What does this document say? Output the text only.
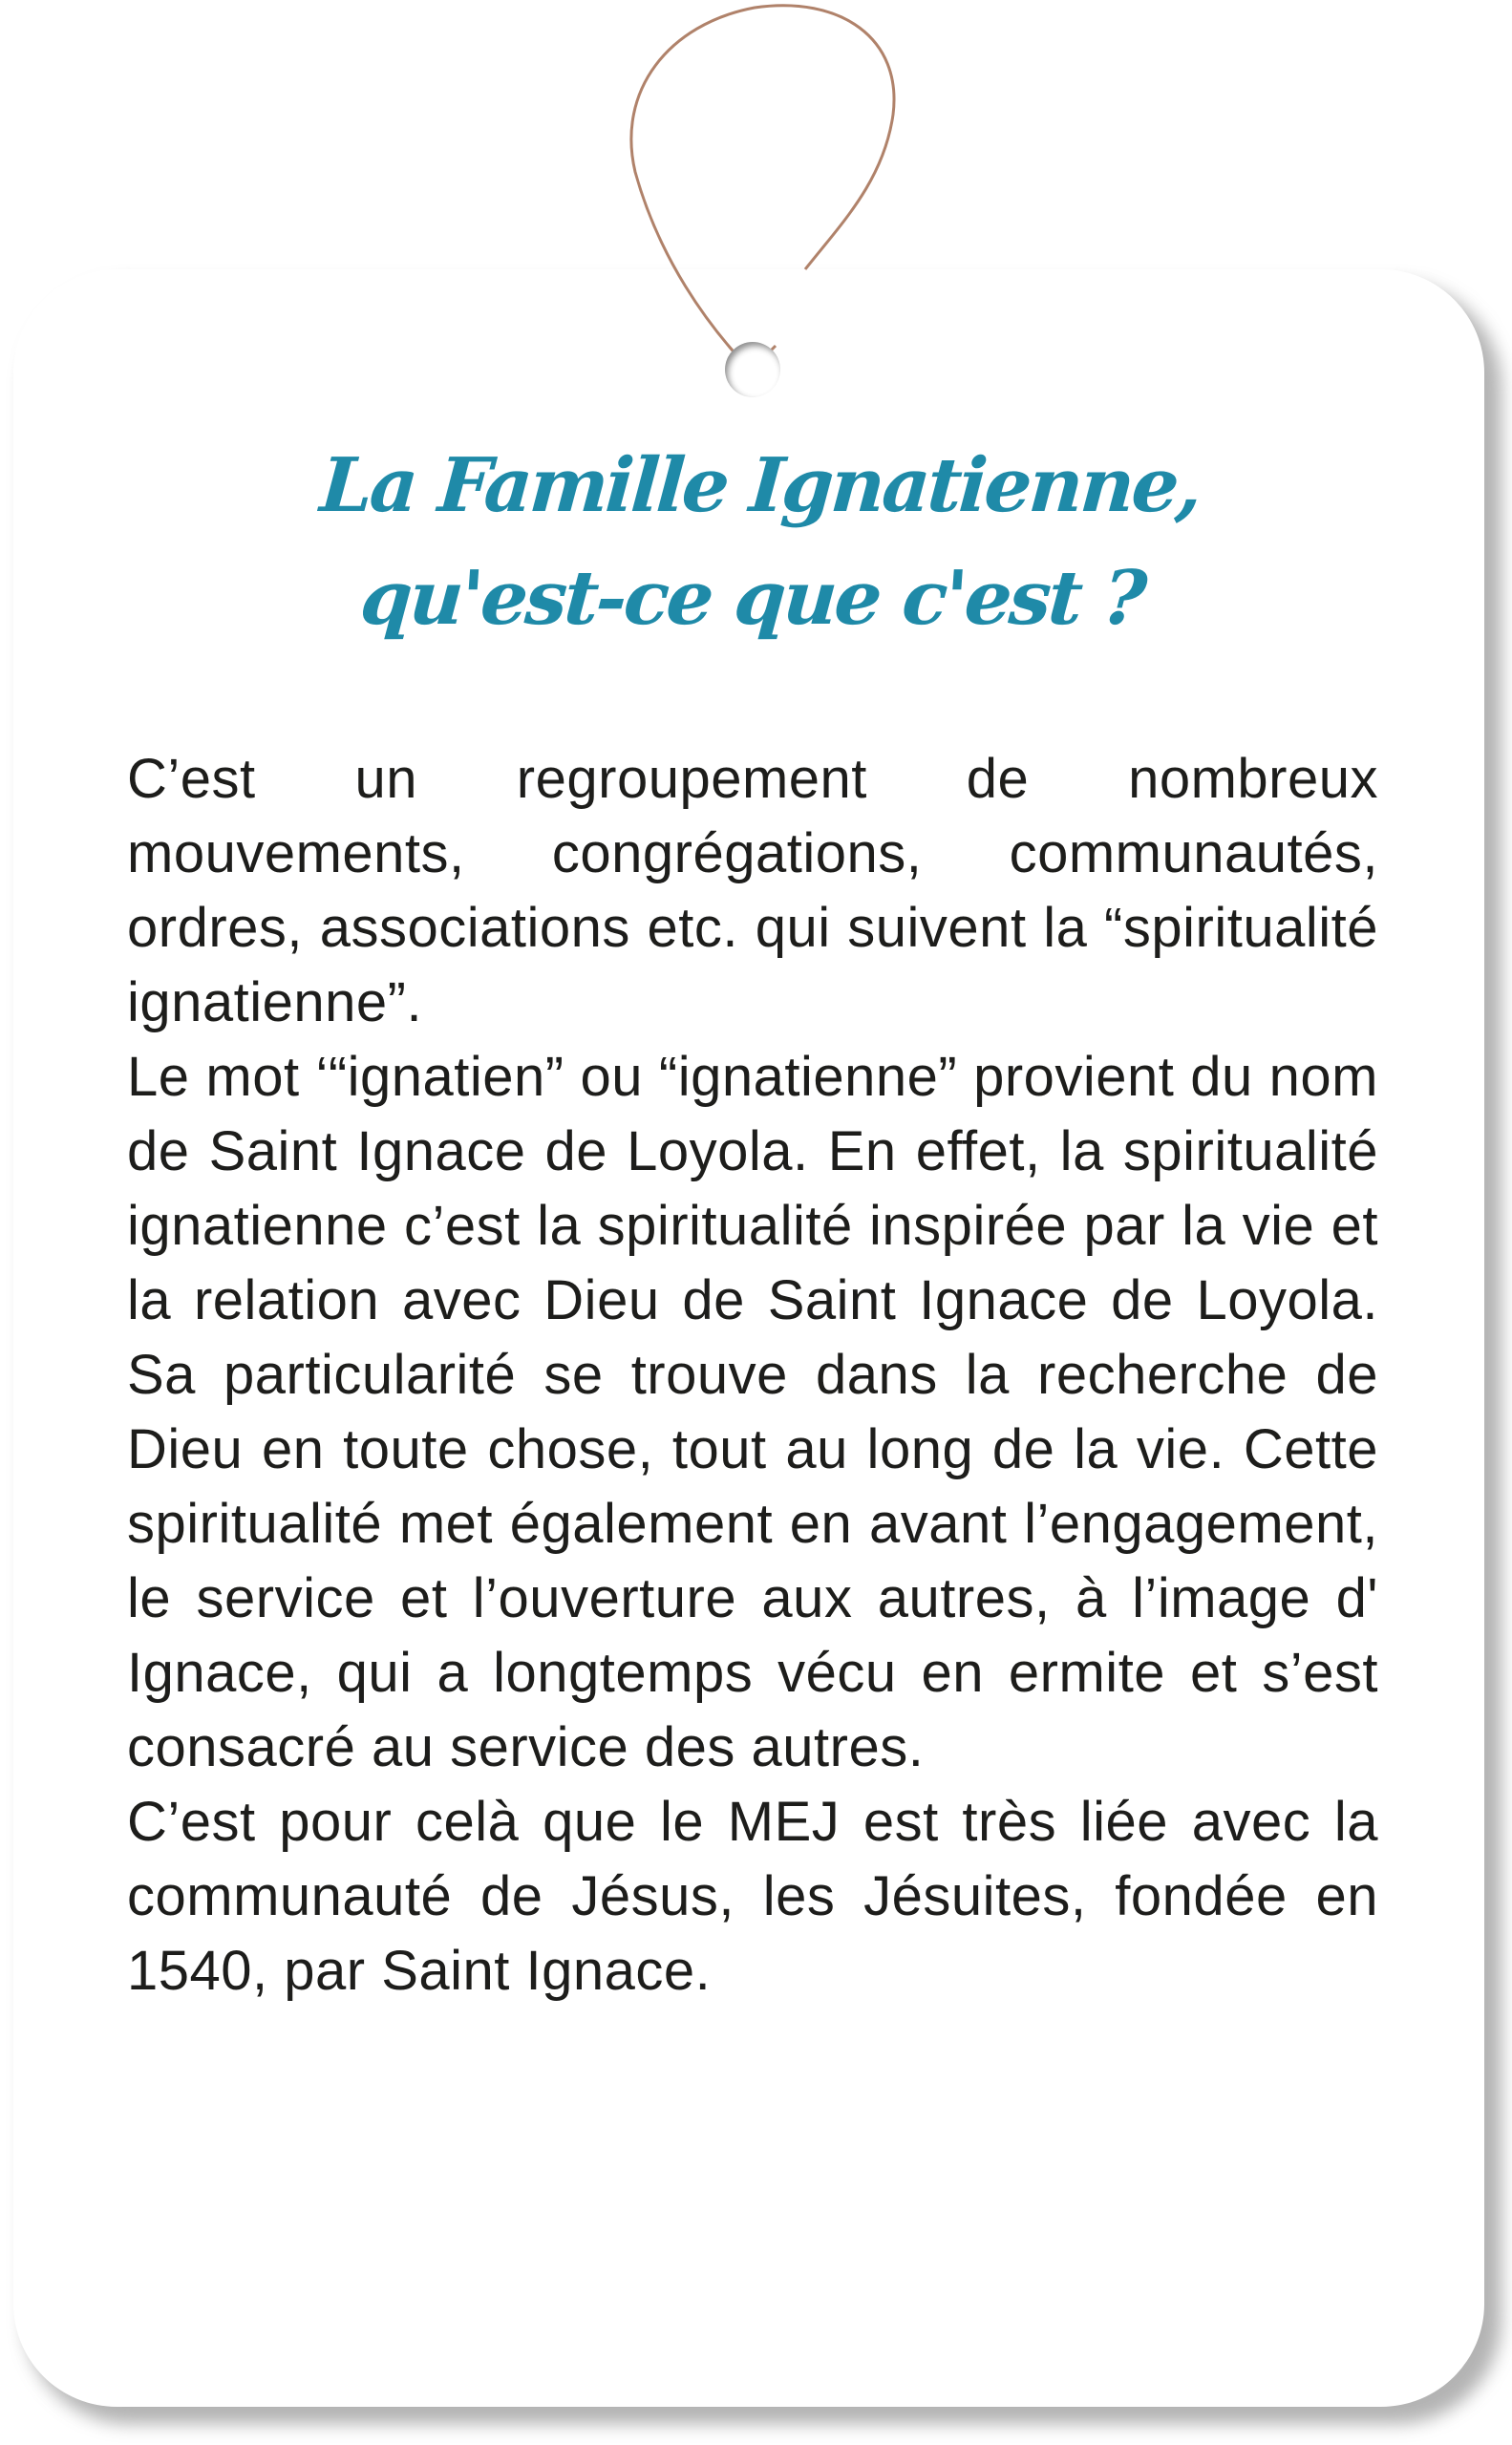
La Famille Ignatienne,
qu'est-ce que c'est ?

C’est un regroupement de nombreux mouvements, congrégations, communautés, ordres, associations etc. qui suivent la “spiritualité ignatienne”.

Le mot ‘“ignatien” ou “ignatienne” provient du nom de Saint Ignace de Loyola. En effet, la spiritualité ignatienne c’est la spiritualité inspirée par la vie et la relation avec Dieu de Saint Ignace de Loyola. Sa particularité se trouve dans la recherche de Dieu en toute chose, tout au long de la vie. Cette spiritualité met également en avant l’engagement, le service et l’ouverture aux autres, à l’image d' Ignace, qui a longtemps vécu en ermite et s’est consacré au service des autres.

C’est pour celà que le MEJ est très liée avec la communauté de Jésus, les Jésuites, fondée en 1540, par Saint Ignace.
